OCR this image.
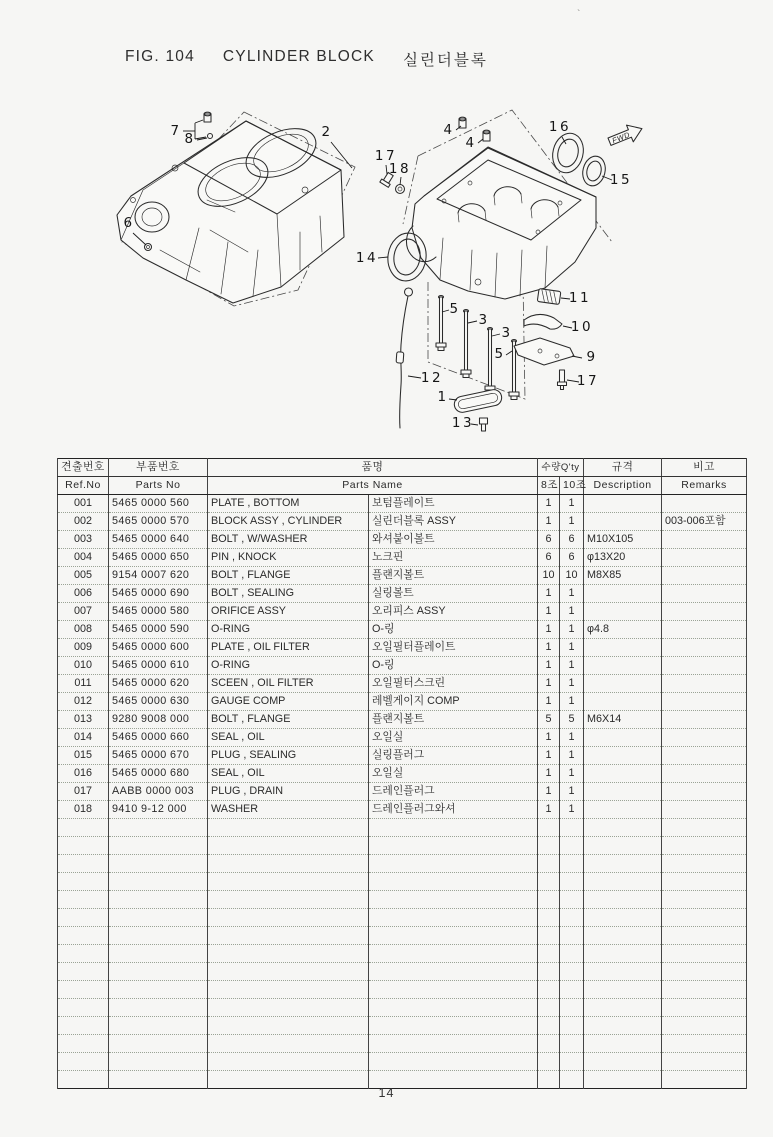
FIG. 104 CYLINDER BLOCK 실린더블록
`
FWD
7 8	2
6
17
18
14
4
4
16
15
11
10
9
17
12
5
3
3
5
1
13
견출번호	부품번호	품명		수량Q'ty		규격	비고
Ref.No	Parts No	Parts Name		8조	10조	Description	Remarks
001	5465 0000 560	PLATE , BOTTOM	보텀플레이트	1	1		
002	5465 0000 570	BLOCK ASSY , CYLINDER	실린더블록 ASSY	1	1		003-006포함
003	5465 0000 640	BOLT , W/WASHER	와셔붙이볼트	6	6	M10X105	
004	5465 0000 650	PIN , KNOCK	노크핀	6	6	φ13X20	
005	9154 0007 620	BOLT , FLANGE	플랜지볼트	10	10	M8X85	
006	5465 0000 690	BOLT , SEALING	실링볼트	1	1		
007	5465 0000 580	ORIFICE ASSY	오리피스 ASSY	1	1		
008	5465 0000 590	O-RING	O-링	1	1	φ4.8	
009	5465 0000 600	PLATE , OIL FILTER	오일필터플레이트	1	1		
010	5465 0000 610	O-RING	O-링	1	1		
011	5465 0000 620	SCEEN , OIL FILTER	오일필터스크린	1	1		
012	5465 0000 630	GAUGE COMP	레벨게이지 COMP	1	1		
013	9280 9008 000	BOLT , FLANGE	플랜지볼트	5	5	M6X14	
014	5465 0000 660	SEAL , OIL	오일실	1	1		
015	5465 0000 670	PLUG , SEALING	실링플러그	1	1		
016	5465 0000 680	SEAL , OIL	오일실	1	1		
017	AABB 0000 003	PLUG , DRAIN	드레인플러그	1	1		
018	9410 9-12 000	WASHER	드레인플러그와셔	1	1		

14
